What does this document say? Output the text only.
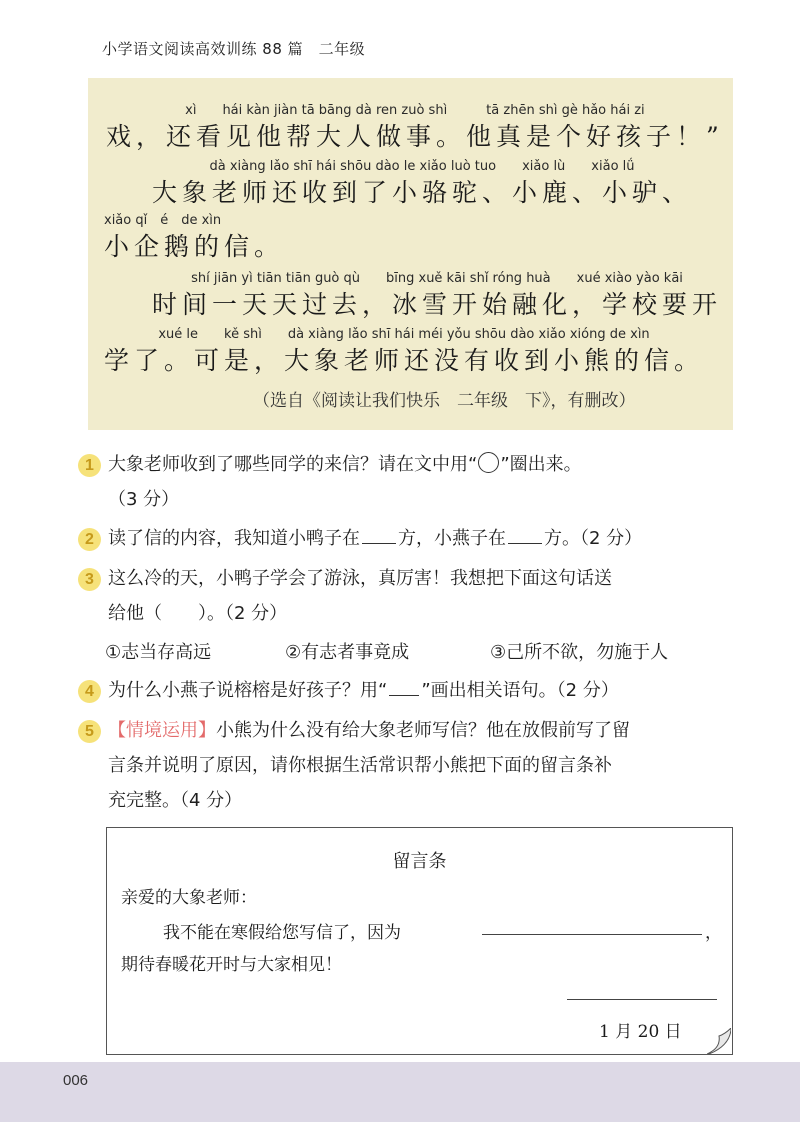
小学语文阅读高效训练 88 篇　二年级
xì　　hái kàn jiàn tā bāng dà ren zuò shì　　　tā zhēn shì gè hǎo hái zi
戏，还看见他帮大人做事。他真是个好孩子！”
dà xiàng lǎo shī hái shōu dào le xiǎo luò tuo　　xiǎo lù　　xiǎo lǘ
大象老师还收到了小骆驼、小鹿、小驴、
xiǎo qǐ　é　de xìn
小企鹅的信。
shí jiān yì tiān tiān guò qù　　bīng xuě kāi shǐ róng huà　　xué xiào yào kāi
时间一天天过去，冰雪开始融化，学校要开
xué le　　kě shì　　dà xiàng lǎo shī hái méi yǒu shōu dào xiǎo xióng de xìn
学了。可是，大象老师还没有收到小熊的信。
（选自《阅读让我们快乐　二年级　下》，有删改）
1 大象老师收到了哪些同学的来信？请在文中用“ ”圈出来。
（3 分）
2 读了信的内容，我知道小鸭子在 方，小燕子在 方。（2 分）
3 这么冷的天，小鸭子学会了游泳，真厉害！我想把下面这句话送
给他（　　）。（2 分）
①志当存高远	②有志者事竟成	③己所不欲，勿施于人
4 为什么小燕子说榕榕是好孩子？用“ ”画出相关语句。（2 分）
5 【情境运用】小熊为什么没有给大象老师写信？他在放假前写了留
言条并说明了原因，请你根据生活常识帮小熊把下面的留言条补
充完整。（4 分）
留言条
亲爱的大象老师：
我不能在寒假给您写信了，因为	，
期待春暖花开时与大家相见！
1 月 20 日
006
